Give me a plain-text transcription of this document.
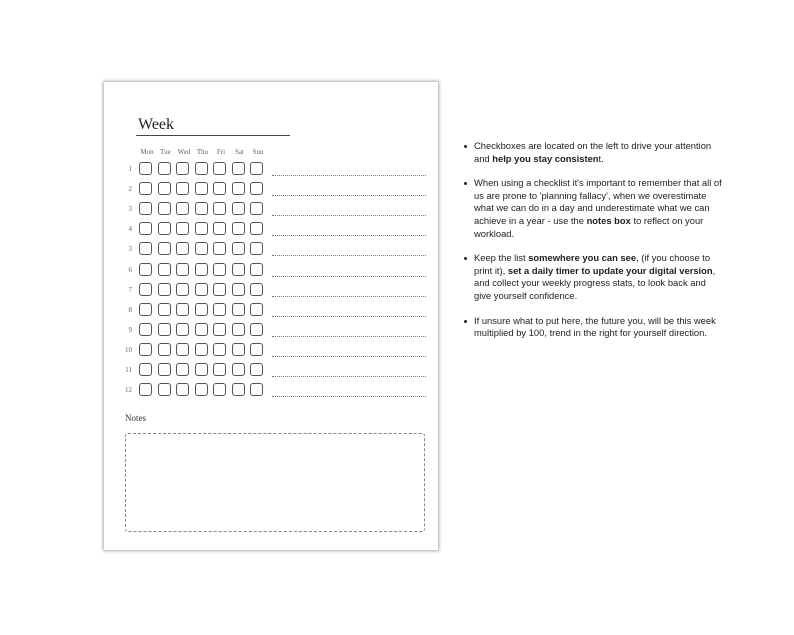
Week
Mon Tue Wed Thu	Fri	Sat	Sun
1
2
3
4
3
6
7
8
9
10
11
12
Notes
Checkboxes are located on the left to drive your attention and help you stay consistent.
When using a checklist it's important to remember that all of us are prone to 'planning fallacy', when we overestimate what we can do in a day and underestimate what we can achieve in a year - use the notes box to reflect on your workload.
Keep the list somewhere you can see, (if you choose to print it), set a daily timer to update your digital version, and collect your weekly progress stats, to look back and give yourself confidence.
If unsure what to put here, the future you, will be this week multiplied by 100, trend in the right for yourself direction.
